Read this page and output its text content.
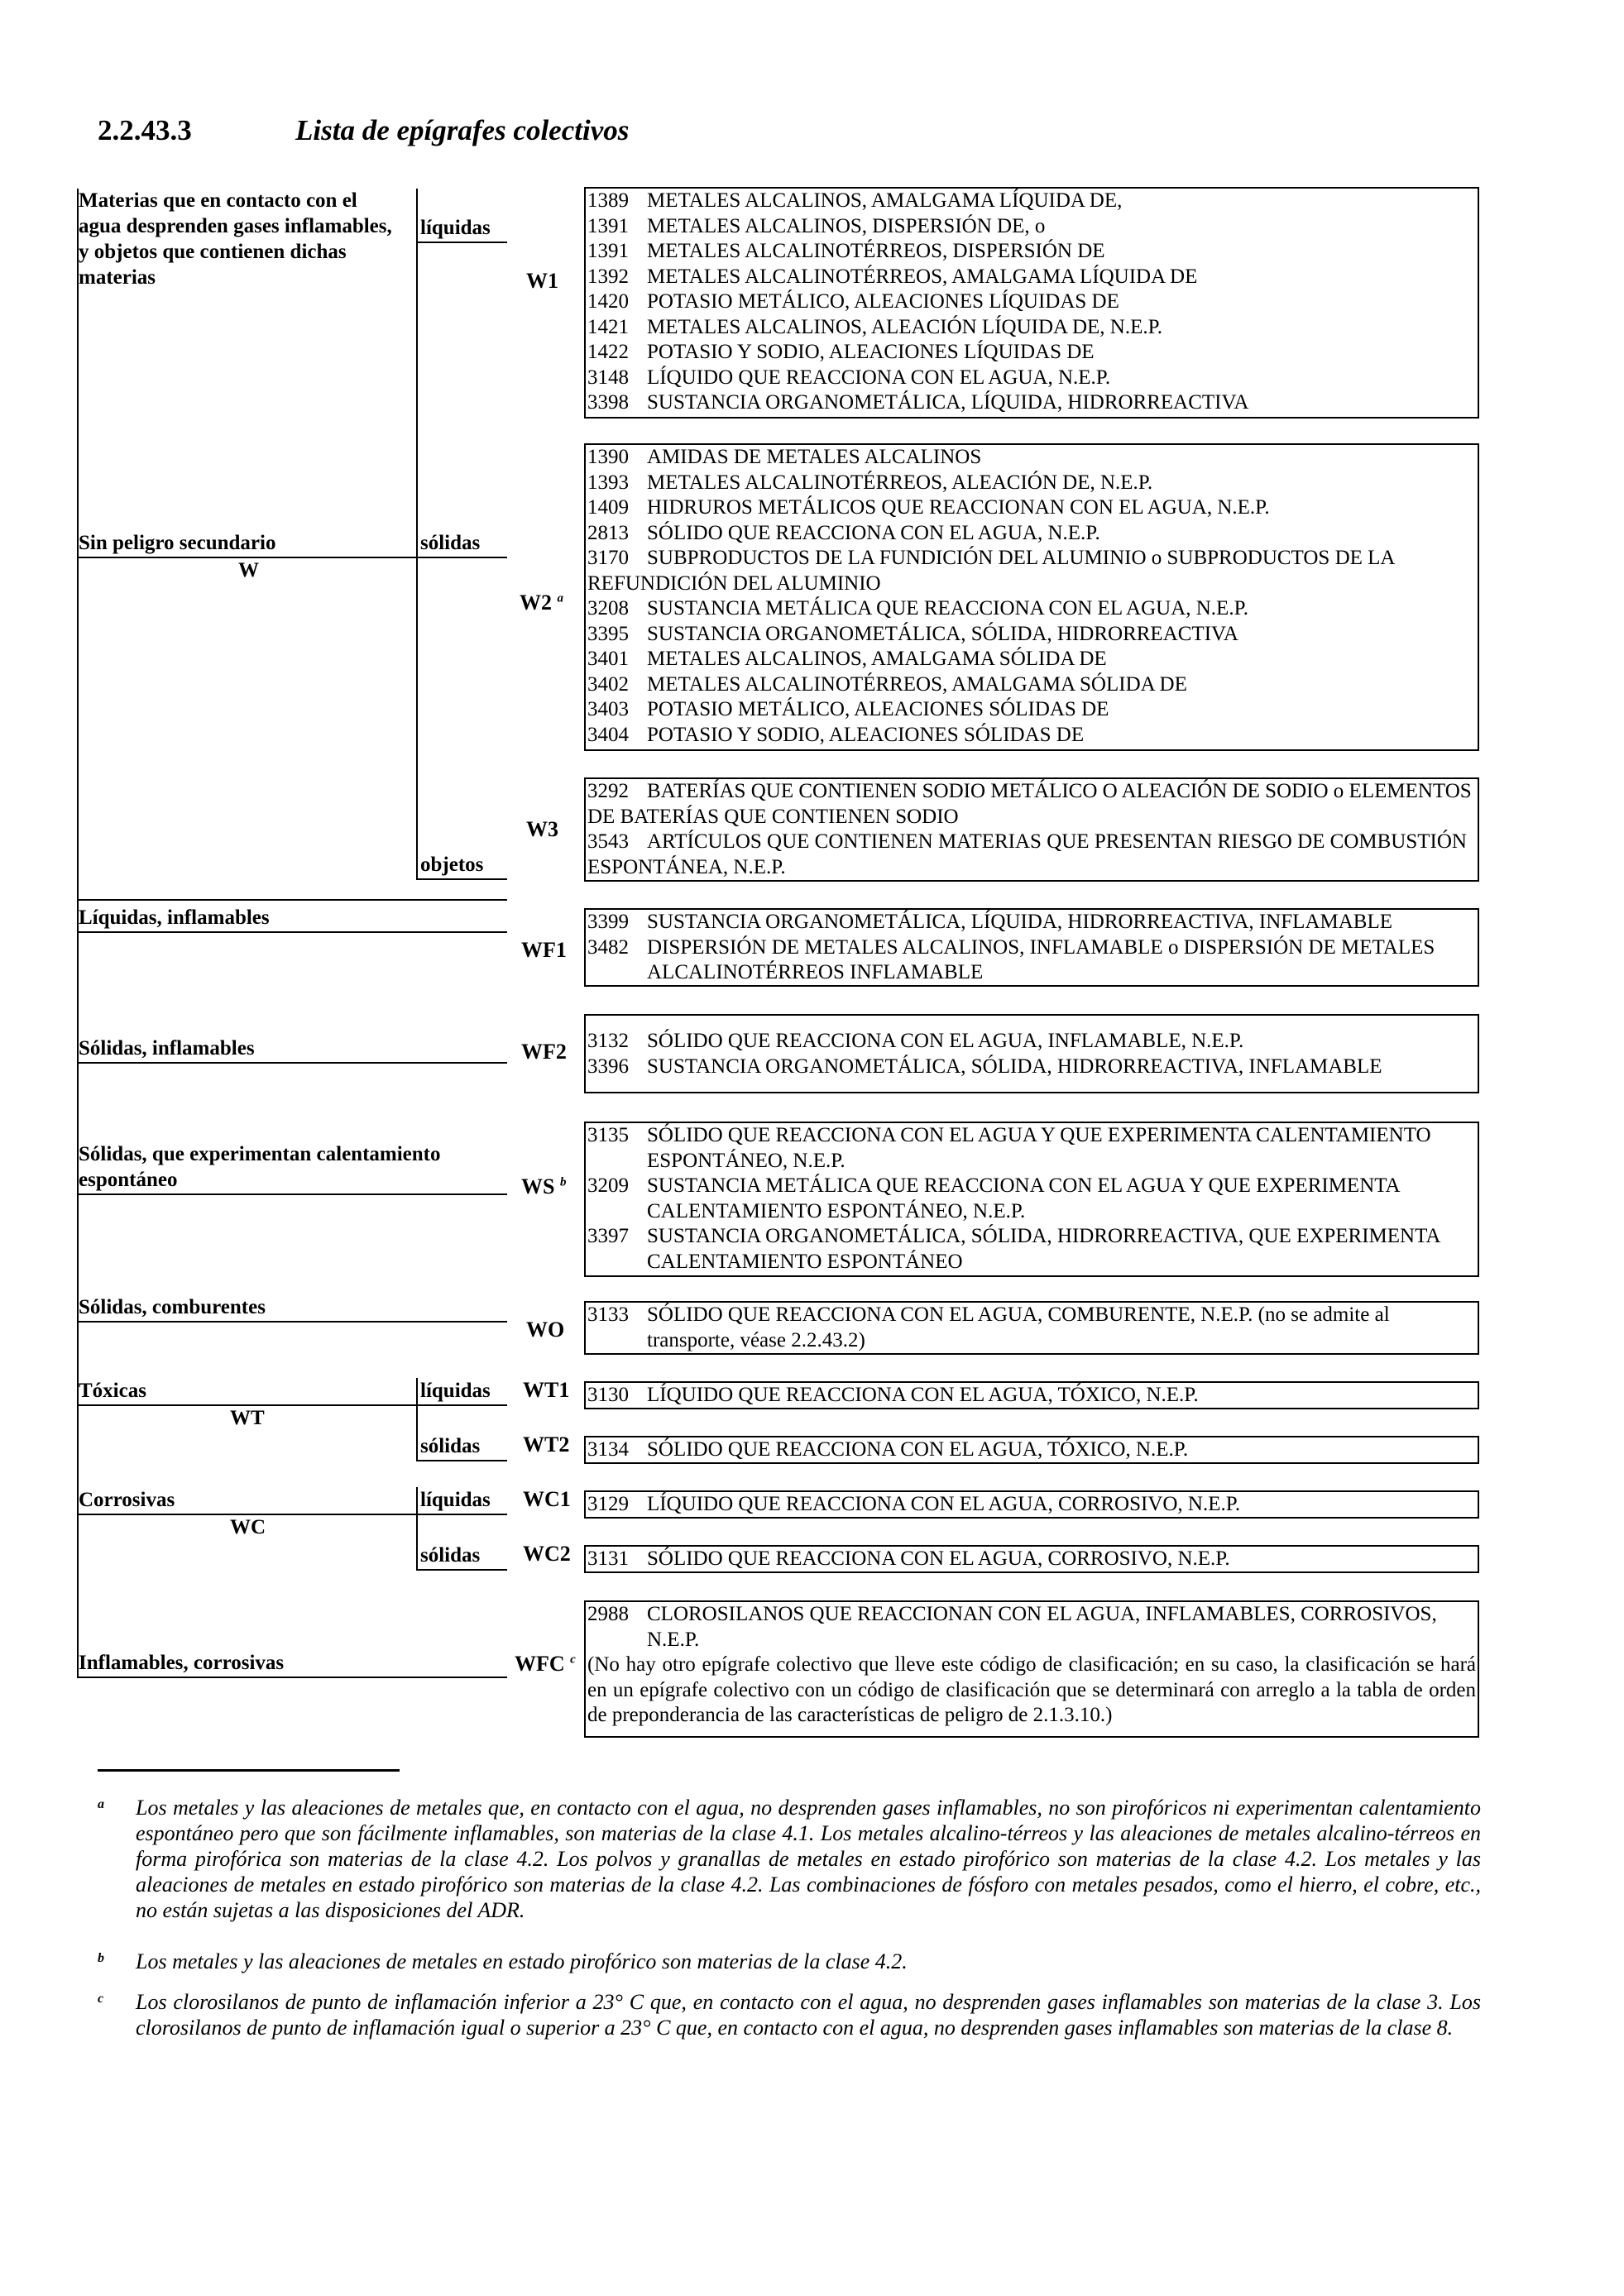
2.2.43.3	Lista de epígrafes colectivos
Materias que en contacto con el
agua desprenden gases inflamables,
y objetos que contienen dichas
materias
Sin peligro secundario
W
Líquidas, inflamables
Sólidas, inflamables
Sólidas, que experimentan calentamiento
espontáneo
Sólidas, comburentes
Tóxicas
WT
Corrosivas
WC
Inflamables, corrosivas
líquidas
sólidas
objetos
líquidas
sólidas
líquidas
sólidas
W1
W2 $^a$
W3
WF1
WF2
WS $^b$
WO
WT1
WT2
WC1
WC2
WFC $^c$
1389 METALES ALCALINOS, AMALGAMA LÍQUIDA DE,
1391 METALES ALCALINOS, DISPERSIÓN DE, o
1391 METALES ALCALINOTÉRREOS, DISPERSIÓN DE
1392 METALES ALCALINOTÉRREOS, AMALGAMA LÍQUIDA DE
1420 POTASIO METÁLICO, ALEACIONES LÍQUIDAS DE
1421 METALES ALCALINOS, ALEACIÓN LÍQUIDA DE, N.E.P.
1422 POTASIO Y SODIO, ALEACIONES LÍQUIDAS DE
3148 LÍQUIDO QUE REACCIONA CON EL AGUA, N.E.P.
3398 SUSTANCIA ORGANOMETÁLICA, LÍQUIDA, HIDRORREACTIVA
1390 AMIDAS DE METALES ALCALINOS
1393 METALES ALCALINOTÉRREOS, ALEACIÓN DE, N.E.P.
1409 HIDRUROS METÁLICOS QUE REACCIONAN CON EL AGUA, N.E.P.
2813 SÓLIDO QUE REACCIONA CON EL AGUA, N.E.P.
3170 SUBPRODUCTOS DE LA FUNDICIÓN DEL ALUMINIO o SUBPRODUCTOS DE LA REFUNDICIÓN DEL ALUMINIO
3208 SUSTANCIA METÁLICA QUE REACCIONA CON EL AGUA, N.E.P.
3395 SUSTANCIA ORGANOMETÁLICA, SÓLIDA, HIDRORREACTIVA
3401 METALES ALCALINOS, AMALGAMA SÓLIDA DE
3402 METALES ALCALINOTÉRREOS, AMALGAMA SÓLIDA DE
3403 POTASIO METÁLICO, ALEACIONES SÓLIDAS DE
3404 POTASIO Y SODIO, ALEACIONES SÓLIDAS DE
3292 BATERÍAS QUE CONTIENEN SODIO METÁLICO O ALEACIÓN DE SODIO o ELEMENTOS DE BATERÍAS QUE CONTIENEN SODIO
3543 ARTÍCULOS QUE CONTIENEN MATERIAS QUE PRESENTAN RIESGO DE COMBUSTIÓN ESPONTÁNEA, N.E.P.
3399 SUSTANCIA ORGANOMETÁLICA, LÍQUIDA, HIDRORREACTIVA, INFLAMABLE
3482 DISPERSIÓN DE METALES ALCALINOS, INFLAMABLE o DISPERSIÓN DE METALES ALCALINOTÉRREOS INFLAMABLE
3132 SÓLIDO QUE REACCIONA CON EL AGUA, INFLAMABLE, N.E.P.
3396 SUSTANCIA ORGANOMETÁLICA, SÓLIDA, HIDRORREACTIVA, INFLAMABLE
3135 SÓLIDO QUE REACCIONA CON EL AGUA Y QUE EXPERIMENTA CALENTAMIENTO ESPONTÁNEO, N.E.P.
3209 SUSTANCIA METÁLICA QUE REACCIONA CON EL AGUA Y QUE EXPERIMENTA CALENTAMIENTO ESPONTÁNEO, N.E.P.
3397 SUSTANCIA ORGANOMETÁLICA, SÓLIDA, HIDRORREACTIVA, QUE EXPERIMENTA CALENTAMIENTO ESPONTÁNEO
3133 SÓLIDO QUE REACCIONA CON EL AGUA, COMBURENTE, N.E.P. (no se admite al transporte, véase 2.2.43.2)
3130 LÍQUIDO QUE REACCIONA CON EL AGUA, TÓXICO, N.E.P.
3134 SÓLIDO QUE REACCIONA CON EL AGUA, TÓXICO, N.E.P.
3129 LÍQUIDO QUE REACCIONA CON EL AGUA, CORROSIVO, N.E.P.
3131 SÓLIDO QUE REACCIONA CON EL AGUA, CORROSIVO, N.E.P.
2988 CLOROSILANOS QUE REACCIONAN CON EL AGUA, INFLAMABLES, CORROSIVOS, N.E.P.
(No hay otro epígrafe colectivo que lleve este código de clasificación; en su caso, la clasificación se hará en un epígrafe colectivo con un código de clasificación que se determinará con arreglo a la tabla de orden de preponderancia de las características de peligro de 2.1.3.10.)
a Los metales y las aleaciones de metales que, en contacto con el agua, no desprenden gases inflamables, no son pirofóricos ni experimentan calentamiento espontáneo pero que son fácilmente inflamables, son materias de la clase 4.1. Los metales alcalino-térreos y las aleaciones de metales alcalino-térreos en forma pirofórica son materias de la clase 4.2. Los polvos y granallas de metales en estado pirofórico son materias de la clase 4.2. Los metales y las aleaciones de metales en estado pirofórico son materias de la clase 4.2. Las combinaciones de fósforo con metales pesados, como el hierro, el cobre, etc., no están sujetas a las disposiciones del ADR.
b Los metales y las aleaciones de metales en estado pirofórico son materias de la clase 4.2.
c Los clorosilanos de punto de inflamación inferior a 23° C que, en contacto con el agua, no desprenden gases inflamables son materias de la clase 3. Los clorosilanos de punto de inflamación igual o superior a 23° C que, en contacto con el agua, no desprenden gases inflamables son materias de la clase 8.
